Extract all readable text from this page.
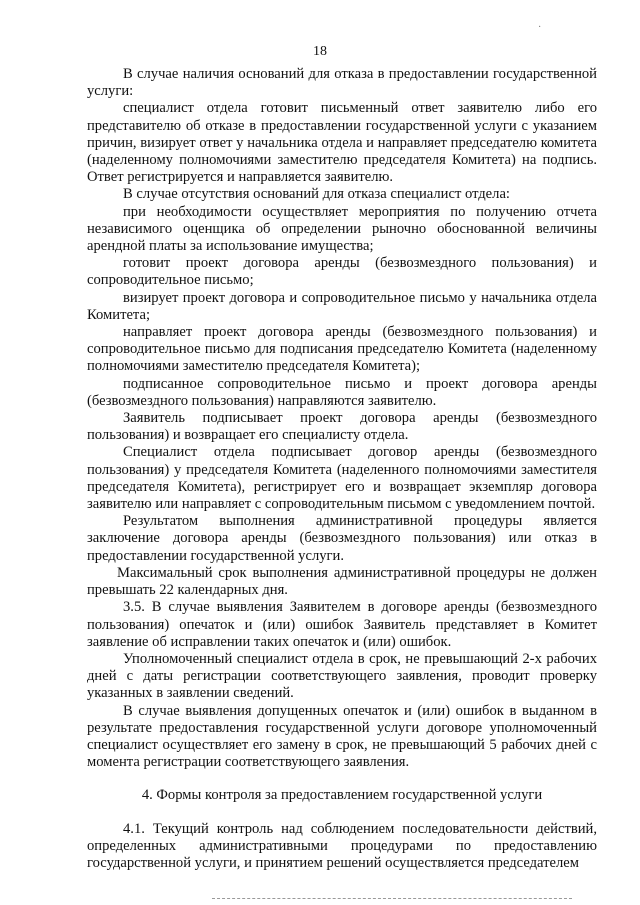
·
18

В случае наличия оснований для отказа в предоставлении государственной услуги:

специалист отдела готовит письменный ответ заявителю либо его представителю об отказе в предоставлении государственной услуги с указанием причин, визирует ответ у начальника отдела и направляет председателю комитета (наделенному полномочиями заместителю председателя Комитета) на подпись. Ответ регистрируется и направляется заявителю.

В случае отсутствия оснований для отказа специалист отдела:

при необходимости осуществляет мероприятия по получению отчета независимого оценщика об определении рыночно обоснованной величины арендной платы за использование имущества;

готовит проект договора аренды (безвозмездного пользования) и сопроводительное письмо;

визирует проект договора и сопроводительное письмо у начальника отдела Комитета;

направляет проект договора аренды (безвозмездного пользования) и сопроводительное письмо для подписания председателю Комитета (наделенному полномочиями заместителю председателя Комитета);

подписанное сопроводительное письмо и проект договора аренды (безвозмездного пользования) направляются заявителю.

Заявитель подписывает проект договора аренды (безвозмездного пользования) и возвращает его специалисту отдела.

Специалист отдела подписывает договор аренды (безвозмездного пользования) у председателя Комитета (наделенного полномочиями заместителя председателя Комитета), регистрирует его и возвращает экземпляр договора заявителю или направляет с сопроводительным письмом с уведомлением почтой.

Результатом выполнения административной процедуры является заключение договора аренды (безвозмездного пользования) или отказ в предоставлении государственной услуги.

Максимальный срок выполнения административной процедуры не должен превышать 22 календарных дня.

3.5. В случае выявления Заявителем в договоре аренды (безвозмездного пользования) опечаток и (или) ошибок Заявитель представляет в Комитет заявление об исправлении таких опечаток и (или) ошибок.

Уполномоченный специалист отдела в срок, не превышающий 2-х рабочих дней с даты регистрации соответствующего заявления, проводит проверку указанных в заявлении сведений.

В случае выявления допущенных опечаток и (или) ошибок в выданном в результате предоставления государственной услуги договоре уполномоченный специалист осуществляет его замену в срок, не превышающий 5 рабочих дней с момента регистрации соответствующего заявления.

4. Формы контроля за предоставлением государственной услуги

4.1. Текущий контроль над соблюдением последовательности действий, определенных административными процедурами по предоставлению государственной услуги, и принятием решений осуществляется председателем
